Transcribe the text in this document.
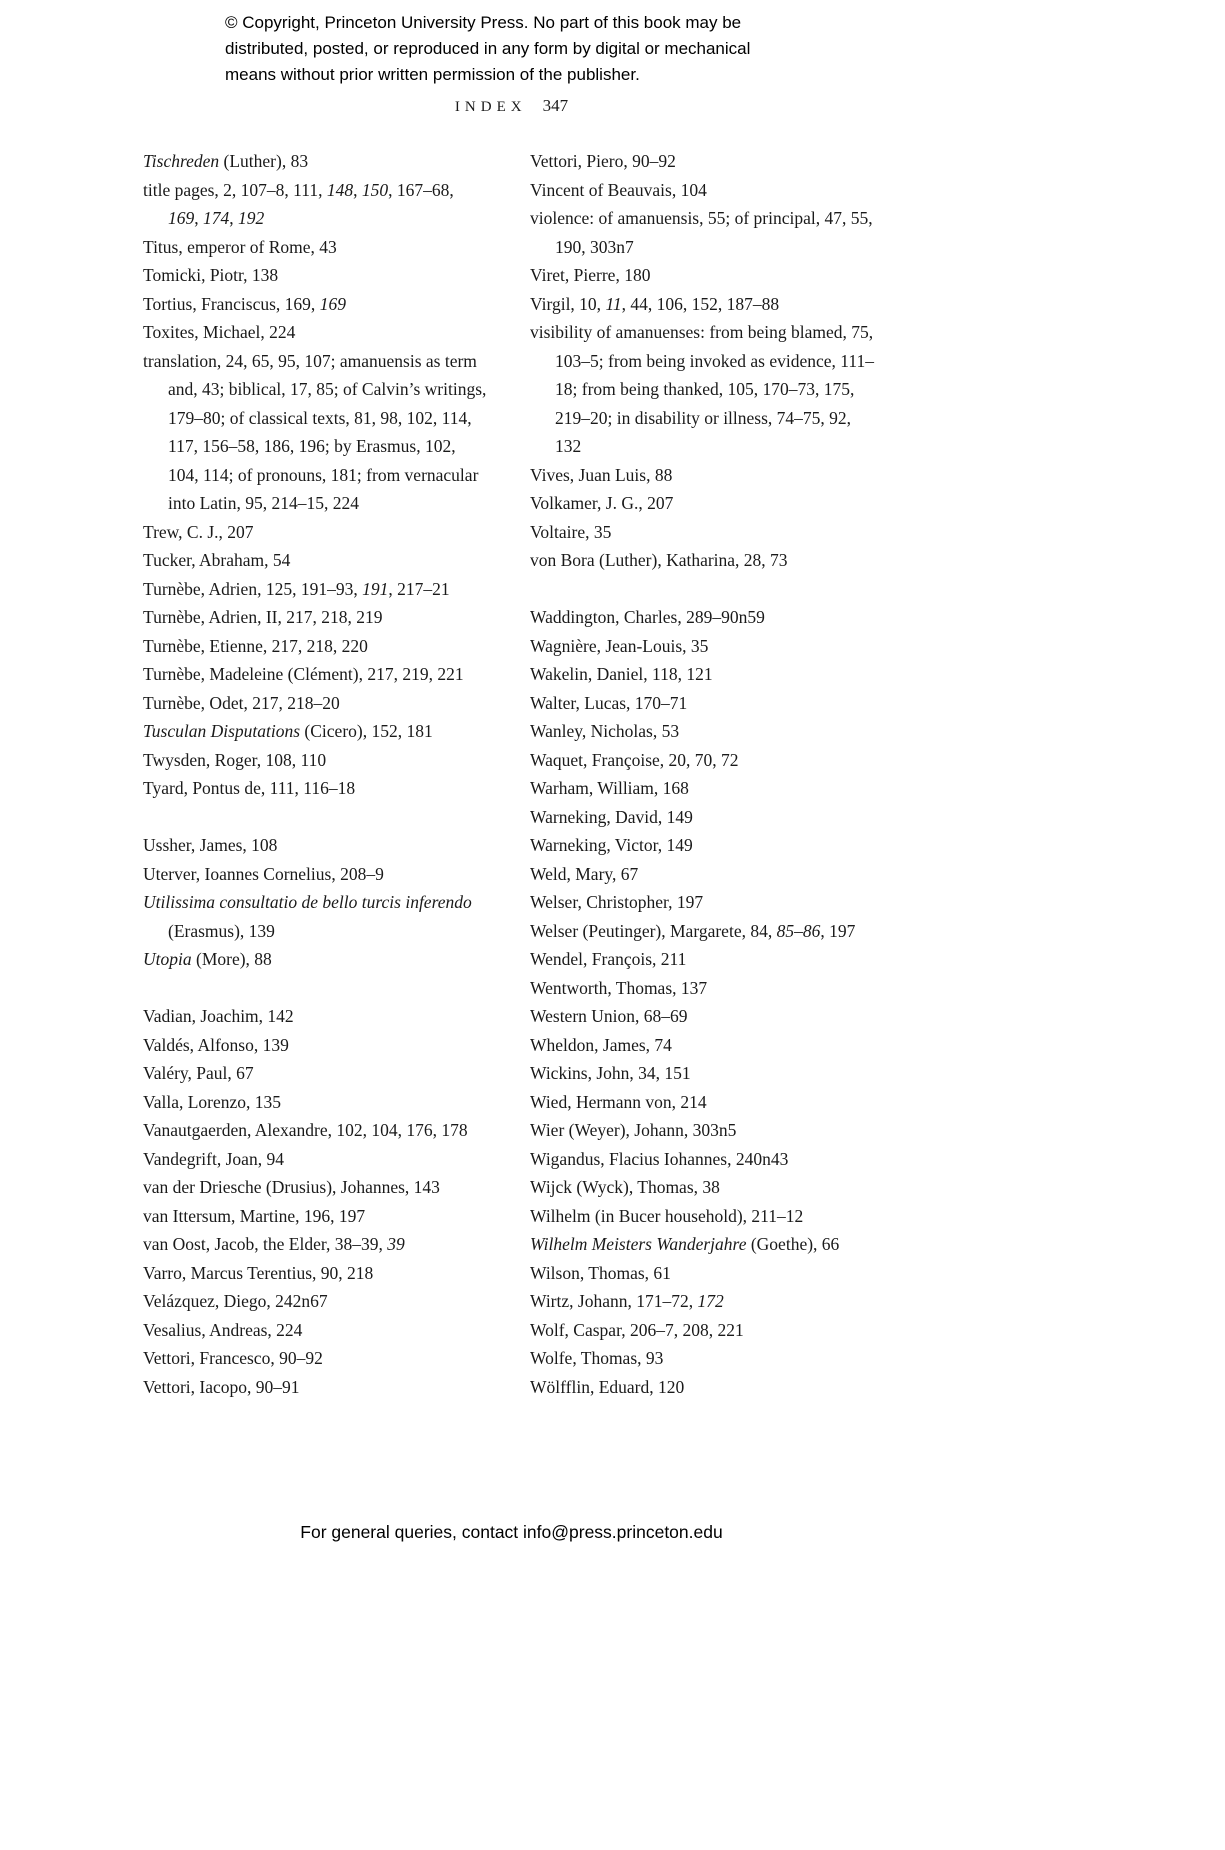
© Copyright, Princeton University Press. No part of this book may be
distributed, posted, or reproduced in any form by digital or mechanical
means without prior written permission of the publisher.
INDEX 347

Tischreden (Luther), 83

title pages, 2, 107–8, 111, 148, 150, 167–68, 169, 174, 192

Titus, emperor of Rome, 43

Tomicki, Piotr, 138

Tortius, Franciscus, 169, 169

Toxites, Michael, 224

translation, 24, 65, 95, 107; amanuensis as term and, 43; biblical, 17, 85; of Calvin’s writings, 179–80; of classical texts, 81, 98, 102, 114, 117, 156–58, 186, 196; by Erasmus, 102, 104, 114; of pronouns, 181; from vernacular into Latin, 95, 214–15, 224

Trew, C. J., 207

Tucker, Abraham, 54

Turnèbe, Adrien, 125, 191–93, 191, 217–21

Turnèbe, Adrien, II, 217, 218, 219

Turnèbe, Etienne, 217, 218, 220

Turnèbe, Madeleine (Clément), 217, 219, 221

Turnèbe, Odet, 217, 218–20

Tusculan Disputations (Cicero), 152, 181

Twysden, Roger, 108, 110

Tyard, Pontus de, 111, 116–18

Ussher, James, 108

Uterver, Ioannes Cornelius, 208–9

Utilissima consultatio de bello turcis inferendo (Erasmus), 139

Utopia (More), 88

Vadian, Joachim, 142

Valdés, Alfonso, 139

Valéry, Paul, 67

Valla, Lorenzo, 135

Vanautgaerden, Alexandre, 102, 104, 176, 178

Vandegrift, Joan, 94

van der Driesche (Drusius), Johannes, 143

van Ittersum, Martine, 196, 197

van Oost, Jacob, the Elder, 38–39, 39

Varro, Marcus Terentius, 90, 218

Velázquez, Diego, 242n67

Vesalius, Andreas, 224

Vettori, Francesco, 90–92

Vettori, Iacopo, 90–91

Vettori, Piero, 90–92

Vincent of Beauvais, 104

violence: of amanuensis, 55; of principal, 47, 55, 190, 303n7

Viret, Pierre, 180

Virgil, 10, 11, 44, 106, 152, 187–88

visibility of amanuenses: from being blamed, 75, 103–5; from being invoked as evidence, 111–18; from being thanked, 105, 170–73, 175, 219–20; in disability or illness, 74–75, 92, 132

Vives, Juan Luis, 88

Volkamer, J. G., 207

Voltaire, 35

von Bora (Luther), Katharina, 28, 73

Waddington, Charles, 289–90n59

Wagnière, Jean-Louis, 35

Wakelin, Daniel, 118, 121

Walter, Lucas, 170–71

Wanley, Nicholas, 53

Waquet, Françoise, 20, 70, 72

Warham, William, 168

Warneking, David, 149

Warneking, Victor, 149

Weld, Mary, 67

Welser, Christopher, 197

Welser (Peutinger), Margarete, 84, 85–86, 197

Wendel, François, 211

Wentworth, Thomas, 137

Western Union, 68–69

Wheldon, James, 74

Wickins, John, 34, 151

Wied, Hermann von, 214

Wier (Weyer), Johann, 303n5

Wigandus, Flacius Iohannes, 240n43

Wijck (Wyck), Thomas, 38

Wilhelm (in Bucer household), 211–12

Wilhelm Meisters Wanderjahre (Goethe), 66

Wilson, Thomas, 61

Wirtz, Johann, 171–72, 172

Wolf, Caspar, 206–7, 208, 221

Wolfe, Thomas, 93

Wölfflin, Eduard, 120

For general queries, contact info@press.princeton.edu
